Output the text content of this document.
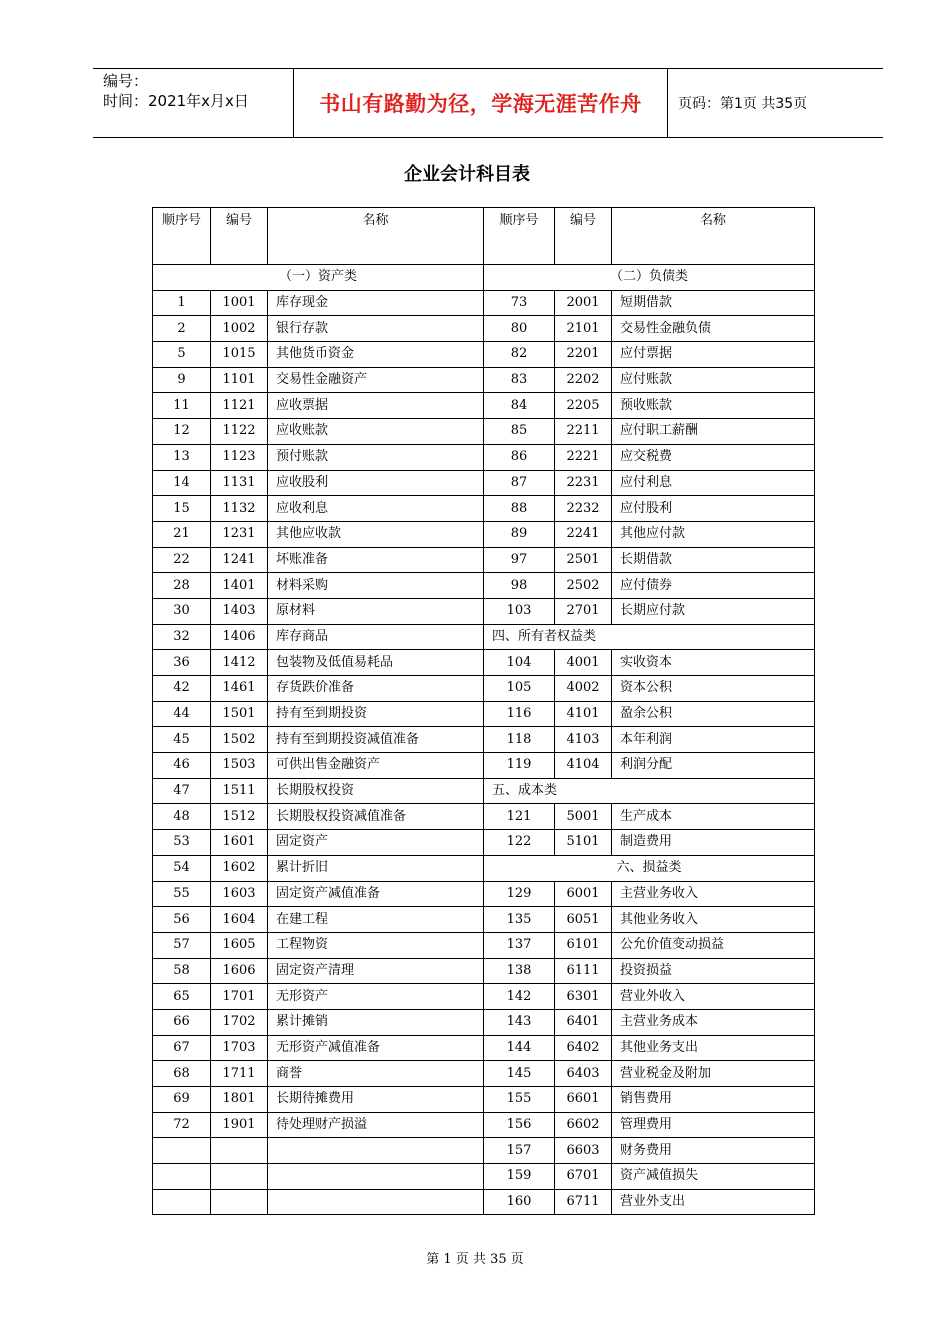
编号：
时间：2021年x月x日	书山有路勤为径，学海无涯苦作舟	页码：第1页 共35页
企业会计科目表
顺序号	编号	名称	顺序号	编号	名称
（一）资产类			（二）负债类		
1	1001	库存现金	73	2001	短期借款
2	1002	银行存款	80	2101	交易性金融负债
5	1015	其他货币资金	82	2201	应付票据
9	1101	交易性金融资产	83	2202	应付账款
11	1121	应收票据	84	2205	预收账款
12	1122	应收账款	85	2211	应付职工薪酬
13	1123	预付账款	86	2221	应交税费
14	1131	应收股利	87	2231	应付利息
15	1132	应收利息	88	2232	应付股利
21	1231	其他应收款	89	2241	其他应付款
22	1241	坏账准备	97	2501	长期借款
28	1401	材料采购	98	2502	应付债券
30	1403	原材料	103	2701	长期应付款
32	1406	库存商品	四、所有者权益类		
36	1412	包装物及低值易耗品	104	4001	实收资本
42	1461	存货跌价准备	105	4002	资本公积
44	1501	持有至到期投资	116	4101	盈余公积
45	1502	持有至到期投资减值准备	118	4103	本年利润
46	1503	可供出售金融资产	119	4104	利润分配
47	1511	长期股权投资	五、成本类		
48	1512	长期股权投资减值准备	121	5001	生产成本
53	1601	固定资产	122	5101	制造费用
54	1602	累计折旧	六、损益类		
55	1603	固定资产减值准备	129	6001	主营业务收入
56	1604	在建工程	135	6051	其他业务收入
57	1605	工程物资	137	6101	公允价值变动损益
58	1606	固定资产清理	138	6111	投资损益
65	1701	无形资产	142	6301	营业外收入
66	1702	累计摊销	143	6401	主营业务成本
67	1703	无形资产减值准备	144	6402	其他业务支出
68	1711	商誉	145	6403	营业税金及附加
69	1801	长期待摊费用	155	6601	销售费用
72	1901	待处理财产损溢	156	6602	管理费用
			157	6603	财务费用
			159	6701	资产减值损失
			160	6711	营业外支出
第 1 页 共 35 页
